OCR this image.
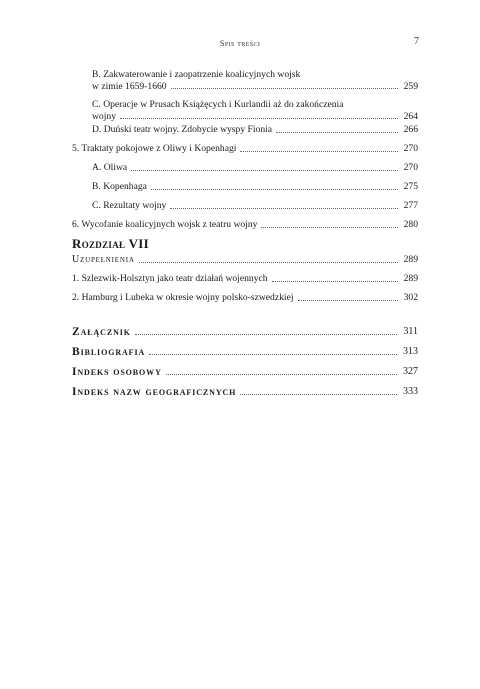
Spis treści	7
B. Zakwaterowanie i zaopatrzenie koalicyjnych wojsk
w zimie 1659-1660	259
C. Operacje w Prusach Książęcych i Kurlandii aż do zakończenia
wojny	264
D. Duński teatr wojny. Zdobycie wyspy Fionia	266
5. Traktaty pokojowe z Oliwy i Kopenhagi	270
A. Oliwa	270
B. Kopenhaga	275
C. Rezultaty wojny	277
6. Wycofanie koalicyjnych wojsk z teatru wojny	280
Rozdział VII
Uzupełnienia	289
1. Szlezwik-Holsztyn jako teatr działań wojennych	289
2. Hamburg i Lubeka w okresie wojny polsko-szwedzkiej	302
Załącznik	311
Bibliografia	313
Indeks osobowy	327
Indeks nazw geograficznych	333
